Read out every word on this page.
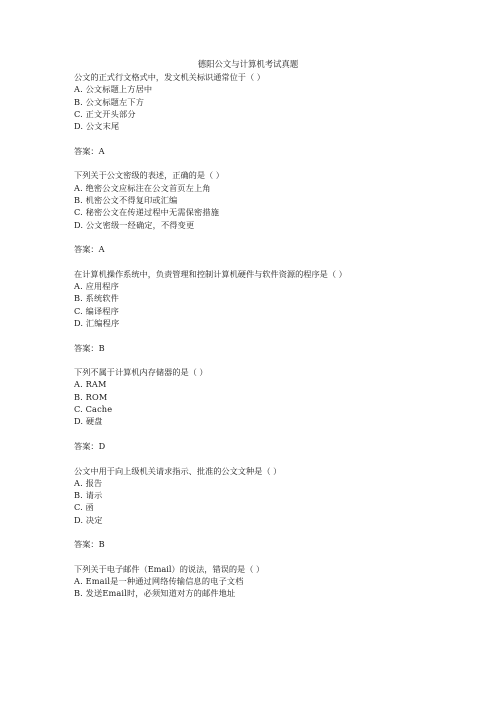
德阳公文与计算机考试真题
公文的正式行文格式中，发文机关标识通常位于（ ）
A. 公文标题上方居中
B. 公文标题左下方
C. 正文开头部分
D. 公文末尾
答案：A
下列关于公文密级的表述，正确的是（ ）
A. 绝密公文应标注在公文首页左上角
B. 机密公文不得复印或汇编
C. 秘密公文在传递过程中无需保密措施
D. 公文密级一经确定，不得变更
答案：A
在计算机操作系统中，负责管理和控制计算机硬件与软件资源的程序是（ ）
A. 应用程序
B. 系统软件
C. 编译程序
D. 汇编程序
答案：B
下列不属于计算机内存储器的是（ ）
A. RAM
B. ROM
C. Cache
D. 硬盘
答案：D
公文中用于向上级机关请求指示、批准的公文文种是（ ）
A. 报告
B. 请示
C. 函
D. 决定
答案：B
下列关于电子邮件（Email）的说法，错误的是（ ）
A. Email是一种通过网络传输信息的电子文档
B. 发送Email时，必须知道对方的邮件地址
